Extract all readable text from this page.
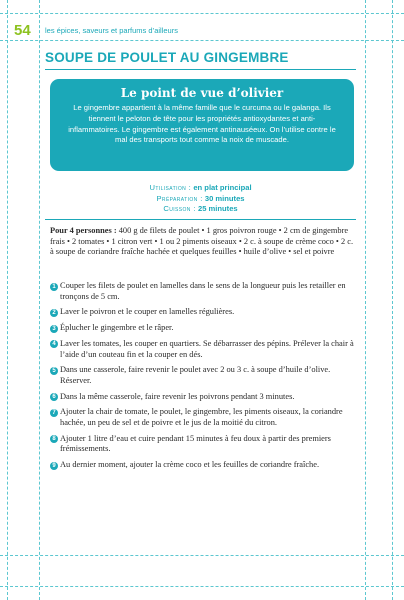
54 les épices, saveurs et parfums d’ailleurs
SOUPE DE POULET AU GINGEMBRE

Le point de vue d’olivier

Le gingembre appartient à la même famille que le curcuma ou le galanga. Ils tiennent le peloton de tête pour les propriétés antioxydantes et anti-inflammatoires. Le gingembre est également antinauséeux. On l’utilise contre le mal des transports tout comme la noix de muscade.

Utilisation : en plat principal
Préparation : 30 minutes
Cuisson : 25 minutes

Pour 4 personnes : 400 g de filets de poulet • 1 gros poivron rouge • 2 cm de gingembre frais • 2 tomates • 1 citron vert • 1 ou 2 piments oiseaux • 2 c. à soupe de crème coco • 2 c. à soupe de coriandre fraîche hachée et quelques feuilles • huile d’olive • sel et poivre

1 Couper les filets de poulet en lamelles dans le sens de la longueur puis les retailler en tronçons de 5 cm.
2 Laver le poivron et le couper en lamelles régulières.
3 Éplucher le gingembre et le râper.
4 Laver les tomates, les couper en quartiers. Se débarrasser des pépins. Prélever la chair à l’aide d’un couteau fin et la couper en dés.
5 Dans une casserole, faire revenir le poulet avec 2 ou 3 c. à soupe d’huile d’olive. Réserver.
6 Dans la même casserole, faire revenir les poivrons pendant 3 minutes.
7 Ajouter la chair de tomate, le poulet, le gingembre, les piments oiseaux, la coriandre hachée, un peu de sel et de poivre et le jus de la moitié du citron.
8 Ajouter 1 litre d’eau et cuire pendant 15 minutes à feu doux à partir des premiers frémissements.
9 Au dernier moment, ajouter la crème coco et les feuilles de coriandre fraîche.
